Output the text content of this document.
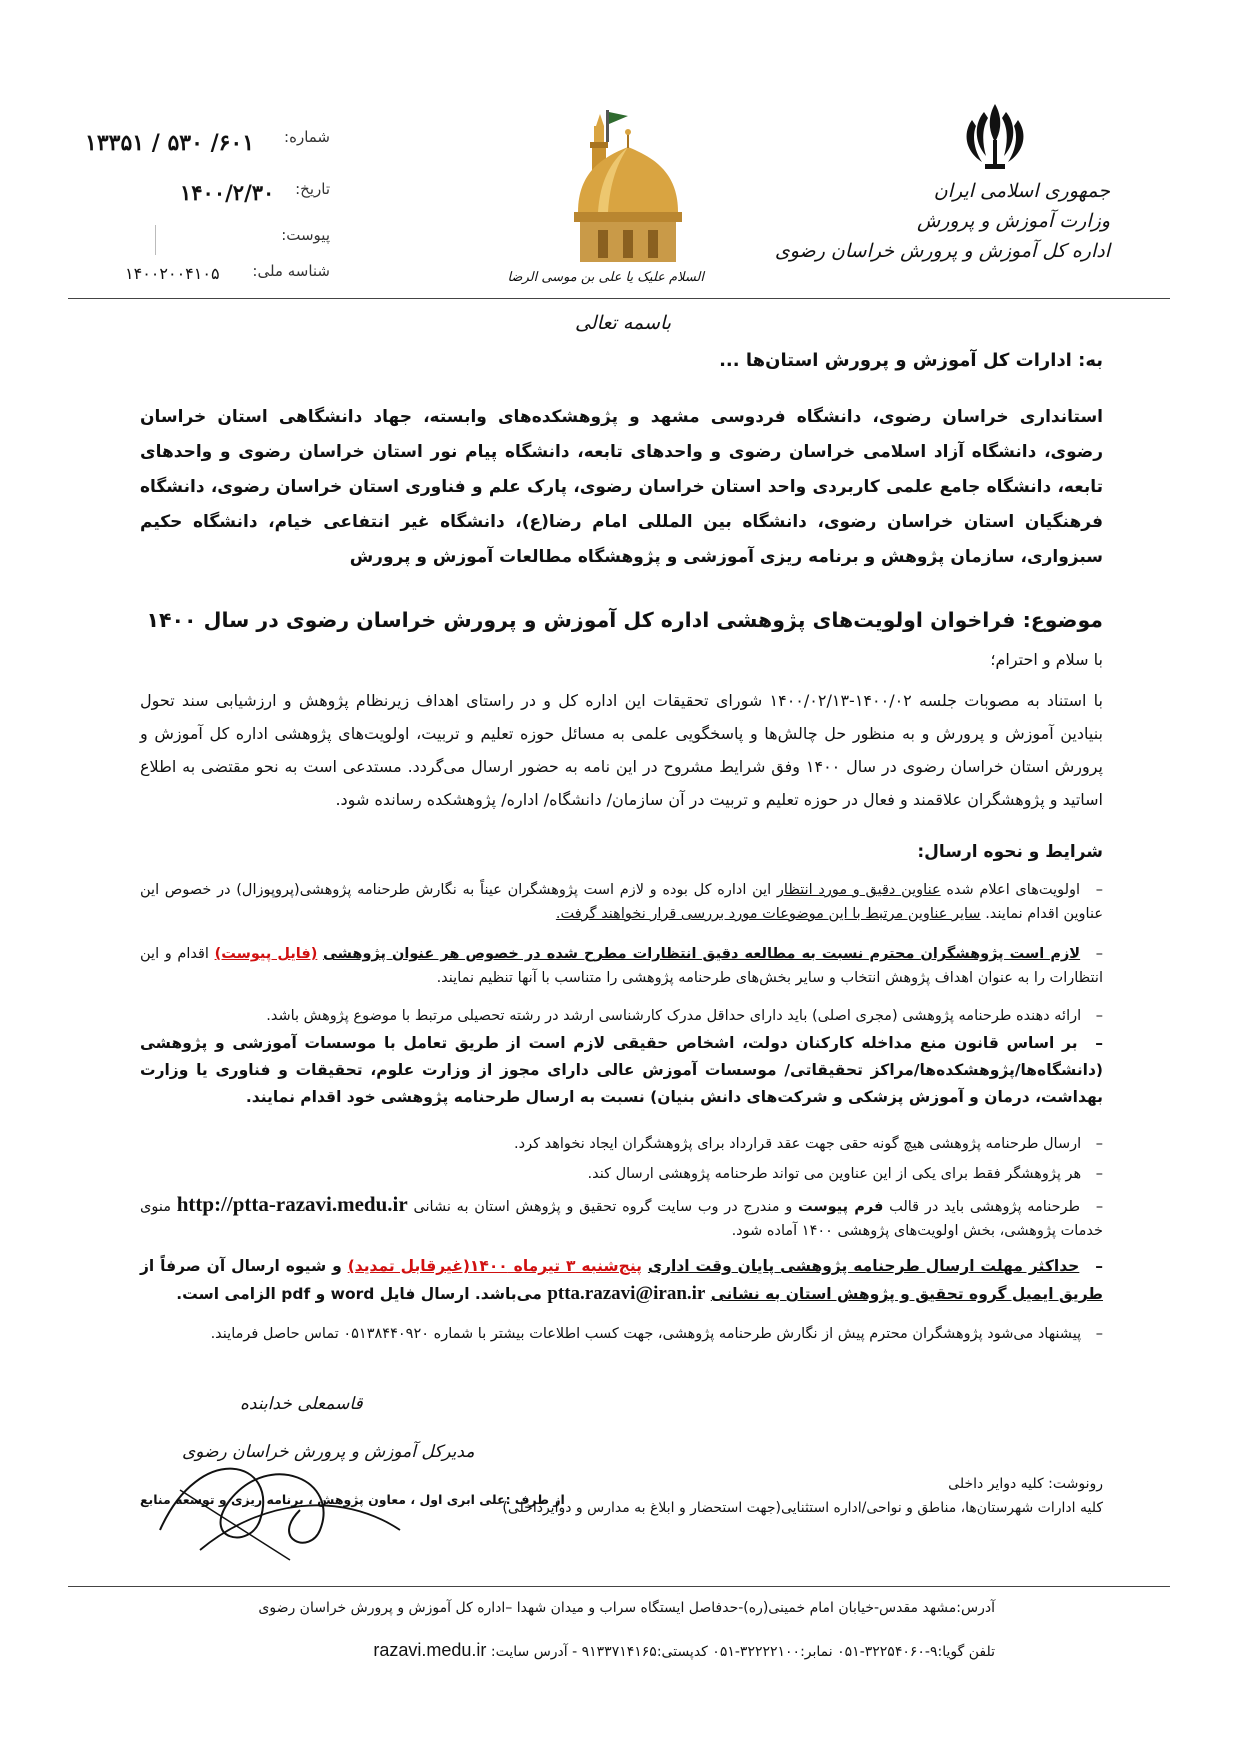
جمهوری اسلامی ایران
وزارت آموزش و پرورش
اداره کل آموزش و پرورش خراسان رضوی
السلام علیک یا علی بن موسی الرضا
باسمه تعالی
شماره:
۶۰۱/ ۵۳۰ / ۱۳۳۵۱
تاریخ:
۱۴۰۰/۲/۳۰
پیوست:
شناسه ملی:
۱۴۰۰۲۰۰۴۱۰۵
به: ادارات کل آموزش و پرورش استان‌ها ...
استانداری خراسان رضوی، دانشگاه فردوسی مشهد و پژوهشکده‌های وابسته، جهاد دانشگاهی استان خراسان رضوی، دانشگاه آزاد اسلامی خراسان رضوی و واحدهای تابعه، دانشگاه پیام نور استان خراسان رضوی و واحدهای تابعه، دانشگاه جامع علمی کاربردی واحد استان خراسان رضوی، پارک علم و فناوری استان خراسان رضوی، دانشگاه فرهنگیان استان خراسان رضوی، دانشگاه بین المللی امام رضا(ع)، دانشگاه غیر انتفاعی خیام، دانشگاه حکیم سبزواری، سازمان پژوهش و برنامه ریزی آموزشی و پژوهشگاه مطالعات آموزش و پرورش
موضوع: فراخوان اولویت‌های پژوهشی اداره کل آموزش و پرورش خراسان رضوی در سال ۱۴۰۰
با سلام و احترام؛
با استناد به مصوبات جلسه ۱۴۰۰/۰۲-۱۴۰۰/۰۲/۱۳ شورای تحقیقات این اداره کل و در راستای اهداف زیرنظام پژوهش و ارزشیابی سند تحول بنیادین آموزش و پرورش و به منظور حل چالش‌ها و پاسخگویی علمی به مسائل حوزه تعلیم و تربیت، اولویت‌های پژوهشی اداره کل آموزش و پرورش استان خراسان رضوی در سال ۱۴۰۰ وفق شرایط مشروح در این نامه به حضور ارسال می‌گردد. مستدعی است به نحو مقتضی به اطلاع اساتید و پژوهشگران علاقمند و فعال در حوزه تعلیم و تربیت در آن سازمان/ دانشگاه/ اداره/ پژوهشکده رسانده شود.
شرایط و نحوه ارسال:
– اولویت‌های اعلام شده عناوین دقیق و مورد انتظار این اداره کل بوده و لازم است پژوهشگران عیناً به نگارش طرحنامه پژوهشی(پروپوزال) در خصوص این عناوین اقدام نمایند. سایر عناوین مرتبط با این موضوعات مورد بررسی قرار نخواهند گرفت.
– لازم است پژوهشگران محترم نسبت به مطالعه دقیق انتظارات مطرح شده در خصوص هر عنوان پژوهشی (فایل پیوست) اقدام و این انتظارات را به عنوان اهداف پژوهش انتخاب و سایر بخش‌های طرحنامه پژوهشی را متناسب با آنها تنظیم نمایند.
– ارائه دهنده طرحنامه پژوهشی (مجری اصلی) باید دارای حداقل مدرک کارشناسی ارشد در رشته تحصیلی مرتبط با موضوع پژوهش باشد.
– بر اساس قانون منع مداخله کارکنان دولت، اشخاص حقیقی لازم است از طریق تعامل با موسسات آموزشی و پژوهشی (دانشگاه‌ها/پژوهشکده‌ها/مراکز تحقیقاتی/ موسسات آموزش عالی دارای مجوز از وزارت علوم، تحقیقات و فناوری یا وزارت بهداشت، درمان و آموزش پزشکی و شرکت‌های دانش بنیان) نسبت به ارسال طرحنامه پژوهشی خود اقدام نمایند.
– ارسال طرحنامه پژوهشی هیچ گونه حقی جهت عقد قرارداد برای پژوهشگران ایجاد نخواهد کرد.
– هر پژوهشگر فقط برای یکی از این عناوین می تواند طرحنامه پژوهشی ارسال کند.
– طرحنامه پژوهشی باید در قالب فرم پیوست و مندرج در وب سایت گروه تحقیق و پژوهش استان به نشانی http://ptta-razavi.medu.ir منوی خدمات پژوهشی، بخش اولویت‌های پژوهشی ۱۴۰۰ آماده شود.
– حداکثر مهلت ارسال طرحنامه پژوهشی پایان وقت اداری پنج‌شنبه ۳ تیرماه ۱۴۰۰(غیرقابل تمدید) و شیوه ارسال آن صرفاً از طریق ایمیل گروه تحقیق و پژوهش استان به نشانی ptta.razavi@iran.ir می‌باشد. ارسال فایل word و pdf الزامی است.
– پیشنهاد می‌شود پژوهشگران محترم پیش از نگارش طرحنامه پژوهشی، جهت کسب اطلاعات بیشتر با شماره ۰۵۱۳۸۴۴۰۹۲۰ تماس حاصل فرمایند.
قاسمعلی خدابنده
مدیرکل آموزش و پرورش خراسان رضوی
از طرف :علی ابری اول ، معاون پژوهش ، برنامه ریزی و توسعه منابع
رونوشت: کلیه دوایر داخلی
کلیه ادارات شهرستان‌ها، مناطق و نواحی/اداره استثنایی(جهت استحضار و ابلاغ به مدارس و دوایرداخلی)
آدرس:مشهد مقدس-خیابان امام خمینی(ره)-حدفاصل ایستگاه سراب و میدان شهدا –اداره کل آموزش و پرورش خراسان رضوی
تلفن گویا:۹-۳۲۲۵۴۰۶۰-۰۵۱ نمابر:۳۲۲۲۲۱۰۰-۰۵۱ کدپستی:۹۱۳۳۷۱۴۱۶۵ - آدرس سایت: razavi.medu.ir
